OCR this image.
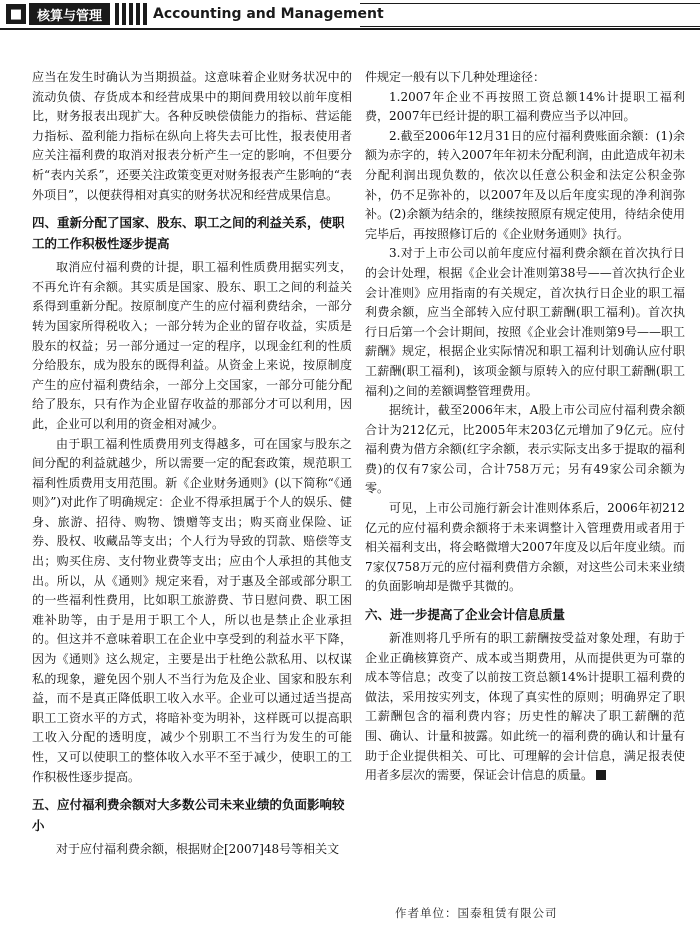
■	核算与管理	Accounting and Management

应当在发生时确认为当期损益。这意味着企业财务状况中的流动负债、存货成本和经营成果中的期间费用较以前年度相比，财务报表出现扩大。各种反映偿债能力的指标、营运能力指标、盈利能力指标在纵向上将失去可比性，报表使用者应关注福利费的取消对报表分析产生一定的影响，不但要分析“表内关系”，还要关注政策变更对财务报表产生影响的“表外项目”，以便获得相对真实的财务状况和经营成果信息。

四、重新分配了国家、股东、职工之间的利益关系，使职工的工作积极性逐步提高

取消应付福利费的计提，职工福利性质费用据实列支，不再允许有余额。其实质是国家、股东、职工之间的利益关系得到重新分配。按原制度产生的应付福利费结余，一部分转为国家所得税收入；一部分转为企业的留存收益，实质是股东的权益；另一部分通过一定的程序，以现金红利的性质分给股东，成为股东的既得利益。从资金上来说，按原制度产生的应付福利费结余，一部分上交国家，一部分可能分配给了股东，只有作为企业留存收益的那部分才可以利用，因此，企业可以利用的资金相对减少。

由于职工福利性质费用列支得越多，可在国家与股东之间分配的利益就越少，所以需要一定的配套政策，规范职工福利性质费用支用范围。新《企业财务通则》(以下简称“《通则》”)对此作了明确规定：企业不得承担属于个人的娱乐、健身、旅游、招待、购物、馈赠等支出；购买商业保险、证券、股权、收藏品等支出；个人行为导致的罚款、赔偿等支出；购买住房、支付物业费等支出；应由个人承担的其他支出。所以，从《通则》规定来看，对于惠及全部或部分职工的一些福利性费用，比如职工旅游费、节日慰问费、职工困难补助等，由于是用于职工个人，所以也是禁止企业承担的。但这并不意味着职工在企业中享受到的利益水平下降，因为《通则》这么规定，主要是出于杜绝公款私用、以权谋私的现象，避免因个别人不当行为危及企业、国家和股东利益，而不是真正降低职工收入水平。企业可以通过适当提高职工工资水平的方式，将暗补变为明补，这样既可以提高职工收入分配的透明度，减少个别职工不当行为发生的可能性，又可以使职工的整体收入水平不至于减少，使职工的工作积极性逐步提高。

五、应付福利费余额对大多数公司未来业绩的负面影响较小

对于应付福利费余额，根据财企[2007]48号等相关文

件规定一般有以下几种处理途径：

1.2007年企业不再按照工资总额14%计提职工福利费，2007年已经计提的职工福利费应当予以冲回。

2.截至2006年12月31日的应付福利费账面余额：(1)余额为赤字的，转入2007年年初未分配利润，由此造成年初未分配利润出现负数的，依次以任意公积金和法定公积金弥补，仍不足弥补的，以2007年及以后年度实现的净利润弥补。(2)余额为结余的，继续按照原有规定使用，待结余使用完毕后，再按照修订后的《企业财务通则》执行。

3.对于上市公司以前年度应付福利费余额在首次执行日的会计处理，根据《企业会计准则第38号——首次执行企业会计准则》应用指南的有关规定，首次执行日企业的职工福利费余额，应当全部转入应付职工薪酬(职工福利)。首次执行日后第一个会计期间，按照《企业会计准则第9号——职工薪酬》规定，根据企业实际情况和职工福利计划确认应付职工薪酬(职工福利)，该项金额与原转入的应付职工薪酬(职工福利)之间的差额调整管理费用。

据统计，截至2006年末，A股上市公司应付福利费余额合计为212亿元，比2005年末203亿元增加了9亿元。应付福利费为借方余额(红字余额，表示实际支出多于提取的福利费)的仅有7家公司，合计758万元；另有49家公司余额为零。

可见，上市公司施行新会计准则体系后，2006年初212亿元的应付福利费余额将于未来调整计入管理费用或者用于相关福利支出，将会略微增大2007年度及以后年度业绩。而7家仅758万元的应付福利费借方余额，对这些公司未来业绩的负面影响却是微乎其微的。

六、进一步提高了企业会计信息质量

新准则将几乎所有的职工薪酬按受益对象处理，有助于企业正确核算资产、成本或当期费用，从而提供更为可靠的成本等信息；改变了以前按工资总额14%计提职工福利费的做法，采用按实列支，体现了真实性的原则；明确界定了职工薪酬包含的福利费内容；历史性的解决了职工薪酬的范围、确认、计量和披露。如此统一的福利费的确认和计量有助于企业提供相关、可比、可理解的会计信息，满足报表使用者多层次的需要，保证会计信息的质量。

作者单位：国泰租赁有限公司
